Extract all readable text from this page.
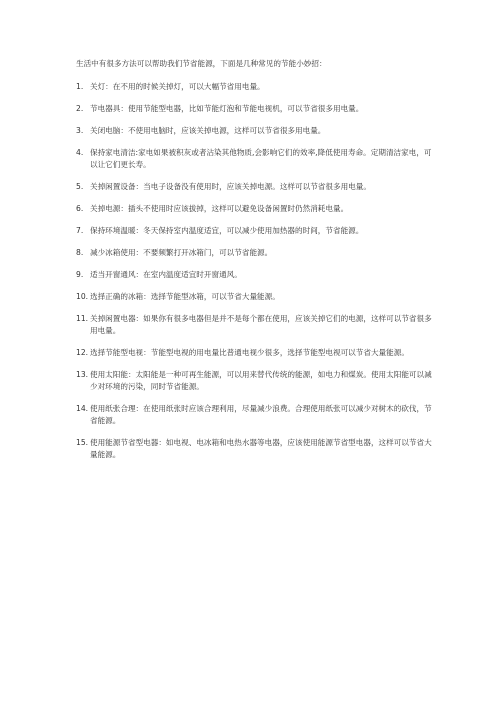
生活中有很多方法可以帮助我们节省能源，下面是几种常见的节能小妙招：

1. 关灯：在不用的时候关掉灯，可以大幅节省用电量。
2. 节电器具：使用节能型电器，比如节能灯泡和节能电视机，可以节省很多用电量。
3. 关闭电脑：不使用电脑时，应该关掉电源，这样可以节省很多用电量。
4. 保持家电清洁:家电如果被积灰或者沾染其他物质,会影响它们的效率,降低使用寿命。定期清洁家电，可以让它们更长寿。
5. 关掉闲置设备：当电子设备没有使用时，应该关掉电源。这样可以节省很多用电量。
6. 关掉电源：插头不使用时应该拔掉，这样可以避免设备闲置时仍然消耗电量。
7. 保持环境温暖：冬天保持室内温度适宜，可以减少使用加热器的时间，节省能源。
8. 减少冰箱使用：不要频繁打开冰箱门，可以节省能源。
9. 适当开窗通风：在室内温度适宜时开窗通风。
10. 选择正确的冰箱：选择节能型冰箱，可以节省大量能源。
11. 关掉闲置电器：如果你有很多电器但是并不是每个都在使用，应该关掉它们的电源，这样可以节省很多用电量。
12. 选择节能型电视：节能型电视的用电量比普通电视少很多，选择节能型电视可以节省大量能源。
13. 使用太阳能：太阳能是一种可再生能源，可以用来替代传统的能源，如电力和煤炭。使用太阳能可以减少对环境的污染，同时节省能源。
14. 使用纸张合理：在使用纸张时应该合理利用，尽量减少浪费。合理使用纸张可以减少对树木的砍伐，节省能源。
15. 使用能源节省型电器：如电视、电冰箱和电热水器等电器，应该使用能源节省型电器，这样可以节省大量能源。
